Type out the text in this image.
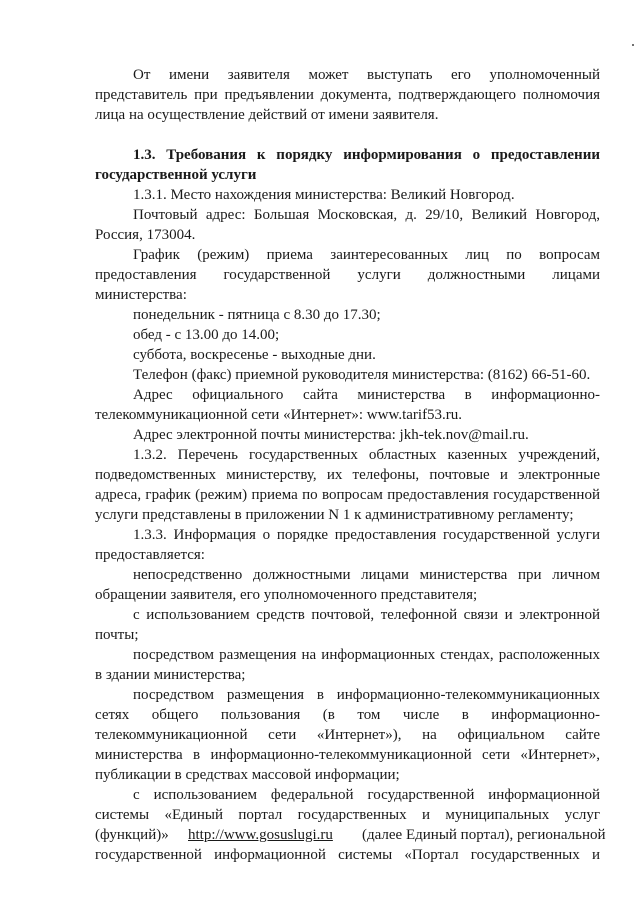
От имени заявителя может выступать его уполномоченный
представитель при предъявлении документа, подтверждающего полномочия
лица на осуществление действий от имени заявителя.
1.3. Требования к порядку информирования о предоставлении
государственной услуги
1.3.1. Место нахождения министерства: Великий Новгород.
Почтовый адрес: Большая Московская, д. 29/10, Великий Новгород,
Россия, 173004.
График (режим) приема заинтересованных лиц по вопросам
предоставления государственной услуги должностными лицами
министерства:
понедельник - пятница с 8.30 до 17.30;
обед - с 13.00 до 14.00;
суббота, воскресенье - выходные дни.
Телефон (факс) приемной руководителя министерства: (8162) 66-51-60.
Адрес официального сайта министерства в информационно-
телекоммуникационной сети «Интернет»: www.tarif53.ru.
Адрес электронной почты министерства: jkh-tek.nov@mail.ru.
1.3.2. Перечень государственных областных казенных учреждений,
подведомственных министерству, их телефоны, почтовые и электронные
адреса, график (режим) приема по вопросам предоставления государственной
услуги представлены в приложении N 1 к административному регламенту;
1.3.3. Информация о порядке предоставления государственной услуги
предоставляется:
непосредственно должностными лицами министерства при личном
обращении заявителя, его уполномоченного представителя;
с использованием средств почтовой, телефонной связи и электронной
почты;
посредством размещения на информационных стендах, расположенных
в здании министерства;
посредством размещения в информационно-телекоммуникационных
сетях общего пользования (в том числе в информационно-
телекоммуникационной сети «Интернет»), на официальном сайте
министерства в информационно-телекоммуникационной сети «Интернет»,
публикации в средствах массовой информации;
с использованием федеральной государственной информационной
системы «Единый портал государственных и муниципальных услуг
(функций)» http://www.gosuslugi.ru (далее Единый портал), региональной
государственной информационной системы «Портал государственных и
